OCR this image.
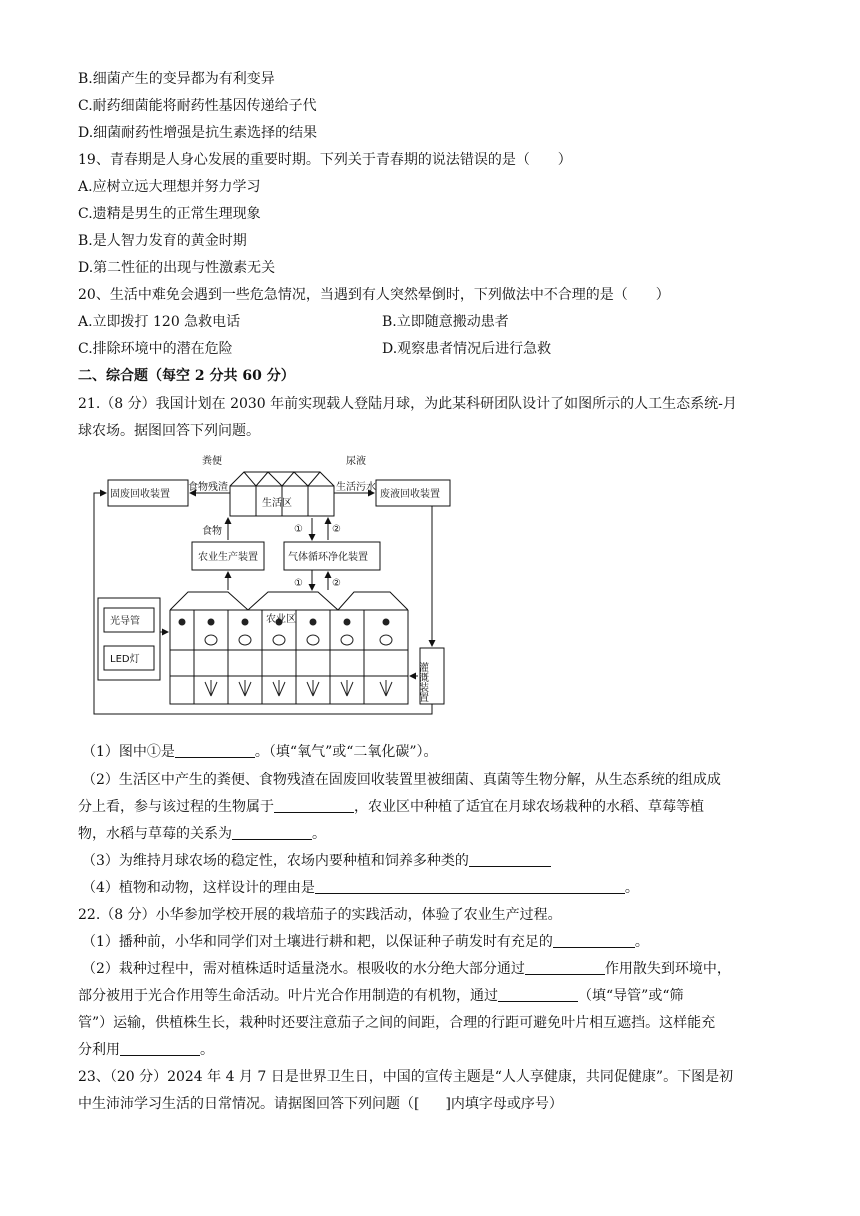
B.细菌产生的变异都为有利变异
C.耐药细菌能将耐药性基因传递给子代
D.细菌耐药性增强是抗生素选择的结果
19、青春期是人身心发展的重要时期。下列关于青春期的说法错误的是（　　）
A.应树立远大理想并努力学习
C.遗精是男生的正常生理现象
B.是人智力发育的黄金时期
D.第二性征的出现与性激素无关
20、生活中难免会遇到一些危急情况，当遇到有人突然晕倒时，下列做法中不合理的是（　　）
A.立即拨打 120 急救电话	B.立即随意搬动患者
C.排除环境中的潜在危险	D.观察患者情况后进行急救
二、综合题（每空 2 分共 60 分）
21.（8 分）我国计划在 2030 年前实现载人登陆月球，为此某科研团队设计了如图所示的人工生态系统-月
球农场。据图回答下列问题。
固废回收装置
粪便
食物残渣
生活区
尿液
生活污水
废液回收装置
食物
农业生产装置	气体循环净化装置
①	②
①	②
光导管
LED灯
农业区
灌溉装置
（1）图中①是	。（填“氧气”或“二氧化碳”）。
（2）生活区中产生的粪便、食物残渣在固废回收装置里被细菌、真菌等生物分解，从生态系统的组成成
分上看，参与该过程的生物属于	，农业区中种植了适宜在月球农场栽种的水稻、草莓等植
物，水稻与草莓的关系为	。
（3）为维持月球农场的稳定性，农场内要种植和饲养多种类的
（4）植物和动物，这样设计的理由是	。
22.（8 分）小华参加学校开展的栽培茄子的实践活动，体验了农业生产过程。
（1）播种前，小华和同学们对土壤进行耕和耙，以保证种子萌发时有充足的	。
（2）栽种过程中，需对植株适时适量浇水。根吸收的水分绝大部分通过	作用散失到环境中，
部分被用于光合作用等生命活动。叶片光合作用制造的有机物，通过	（填“导管”或“筛
管”）运输，供植株生长，栽种时还要注意茄子之间的间距，合理的行距可避免叶片相互遮挡。这样能充
分利用	。
23、（20 分）2024 年 4 月 7 日是世界卫生日，中国的宣传主题是“人人享健康，共同促健康”。下图是初
中生沛沛学习生活的日常情况。请据图回答下列问题（[ ]内填字母或序号）
